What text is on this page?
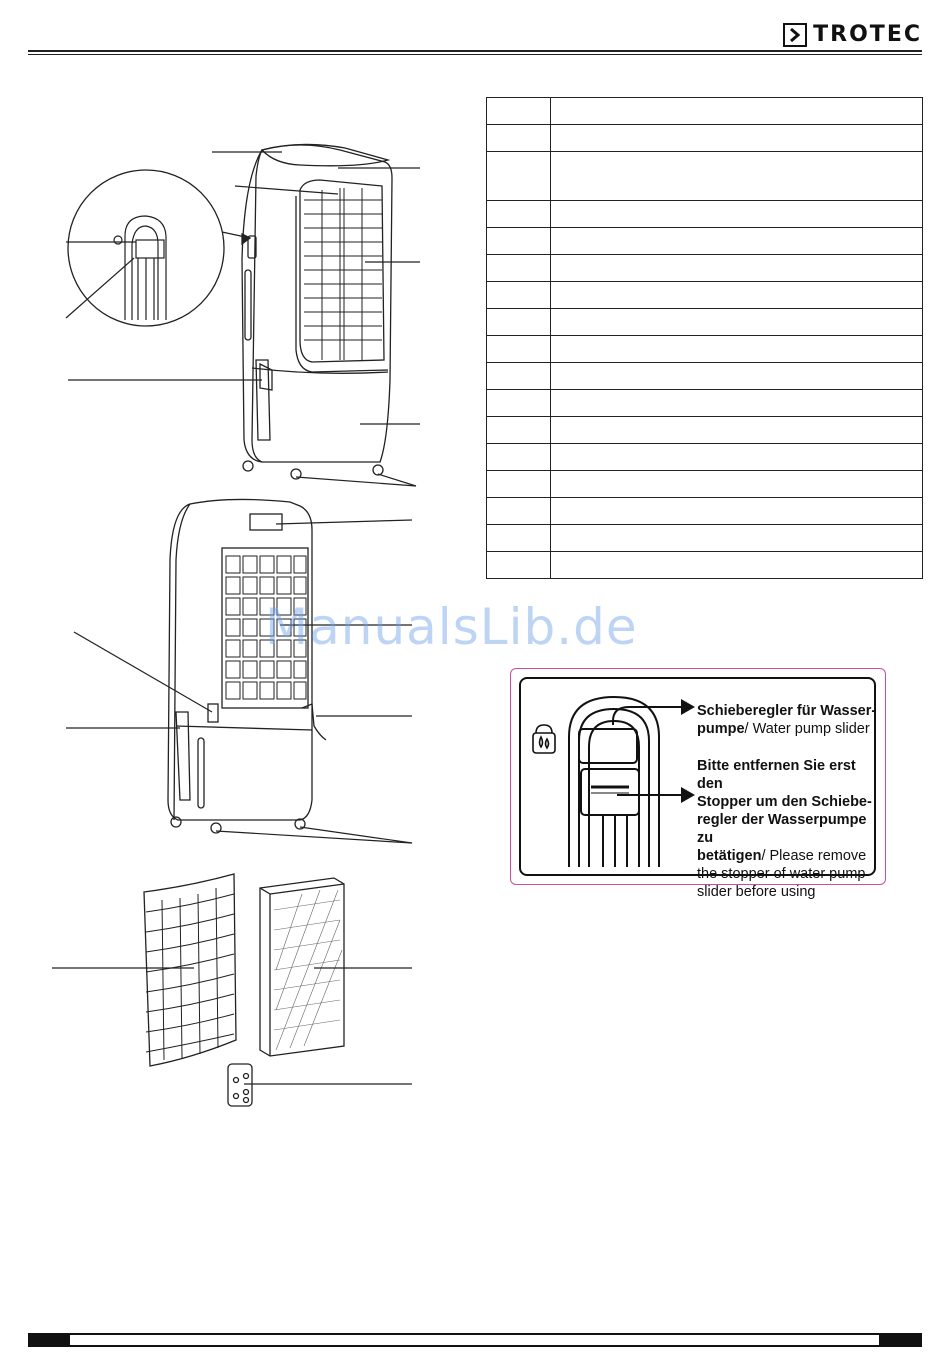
TROTEC

ManualsLib.de
Schieberegler für Wasser-
pumpe/ Water pump slider
Bitte entfernen Sie erst den
Stopper um den Schiebe-
regler der Wasserpumpe zu
betätigen/ Please remove
the stopper of water pump
slider before using
